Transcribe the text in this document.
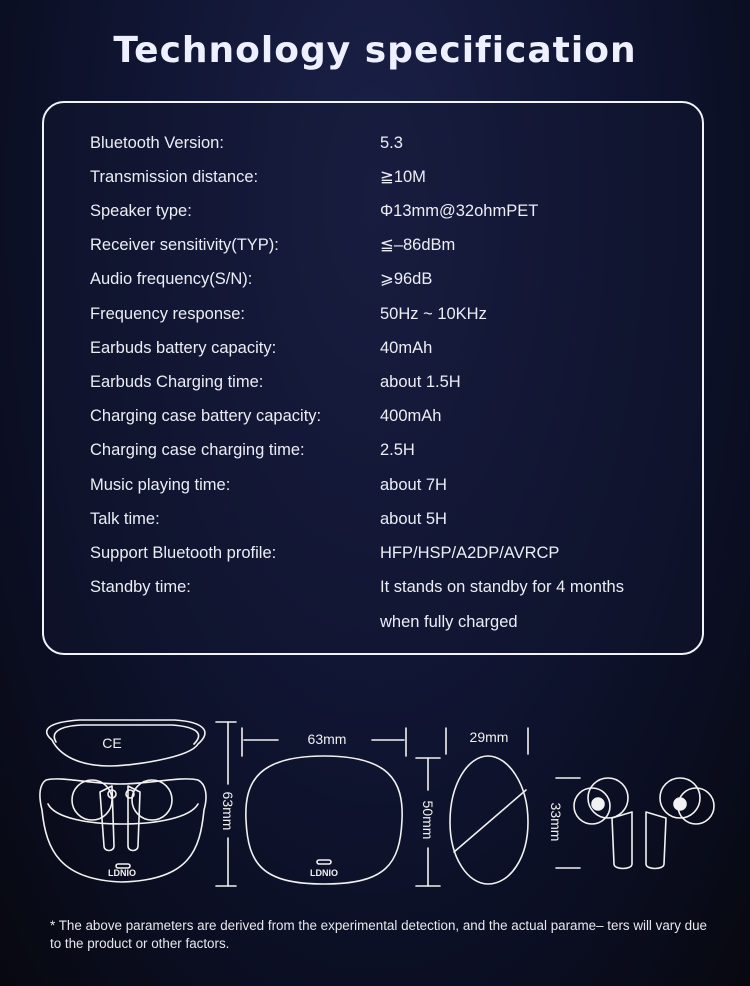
Technology specification
Bluetooth Version:	5.3
Transmission distance:	≧10M
Speaker type:	Φ13mm@32ohmPET
Receiver sensitivity(TYP):	≦–86dBm
Audio frequency(S/N):	⩾96dB
Frequency response:	50Hz ~ 10KHz
Earbuds battery capacity:	40mAh
Earbuds Charging time:	about 1.5H
Charging case battery capacity:	400mAh
Charging case charging time:	2.5H
Music playing time:	about 7H
Talk time:	about 5H
Support Bluetooth profile:	HFP/HSP/A2DP/AVRCP
Standby time:	It stands on standby for 4 months
when fully charged
63mm	29mm
63mm	50mm	33mm
LDNIO	LDNIO
CE
* The above parameters are derived from the experimental detection, and the actual parame– ters will vary due to the product or other factors.
